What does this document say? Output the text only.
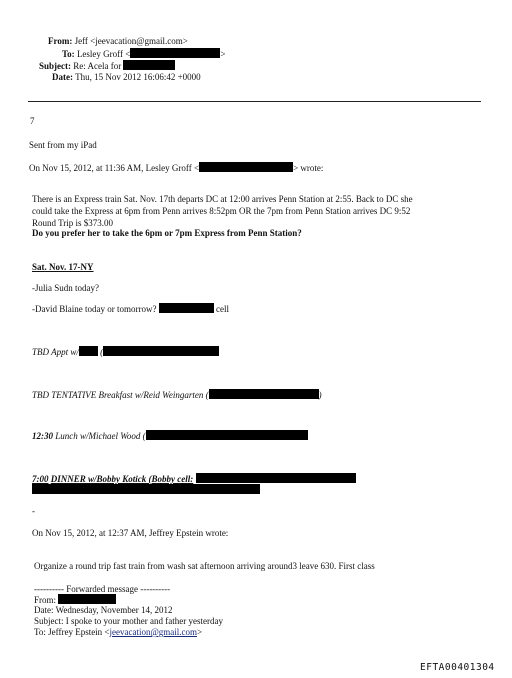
From: Jeff <jeevacation@gmail.com>
To: Lesley Groff <	>
Subject: Re: Acela for
Date: Thu, 15 Nov 2012 16:06:42 +0000
7
Sent from my iPad
On Nov 15, 2012, at 11:36 AM, Lesley Groff <	> wrote:
There is an Express train Sat. Nov. 17th departs DC at 12:00 arrives Penn Station at 2:55. Back to DC she
could take the Express at 6pm from Penn arrives 8:52pm OR the 7pm from Penn Station arrives DC 9:52
Round Trip is $373.00
Do you prefer her to take the 6pm or 7pm Express from Penn Station?
Sat. Nov. 17-NY
-Julia Sudn today?
-David Blaine today or tomorrow?	cell
TBD Appt w/ (
TBD TENTATIVE Breakfast w/Reid Weingarten (	)
12:30 Lunch w/Michael Wood (
7:00 DINNER w/Bobby Kotick (Bobby cell:
-
On Nov 15, 2012, at 12:37 AM, Jeffrey Epstein wrote:
Organize a round trip fast train from wash sat afternoon arriving around3 leave 630. First class
---------- Forwarded message ----------
From:
Date: Wednesday, November 14, 2012
Subject: I spoke to your mother and father yesterday
To: Jeffrey Epstein <jeevacation@gmail.com>
EFTA00401304
